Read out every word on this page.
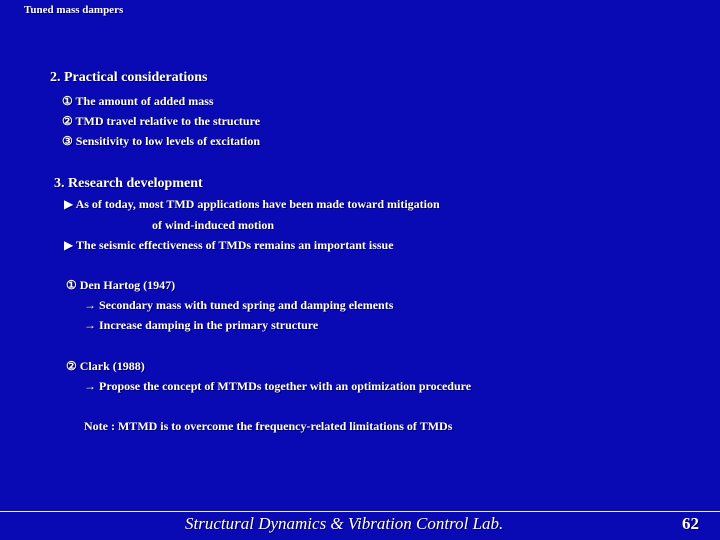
Tuned mass dampers
2. Practical considerations
① The amount of added mass
② TMD travel relative to the structure
③ Sensitivity to low levels of excitation
3. Research development
▶ As of today, most TMD applications have been made toward mitigation
of wind-induced motion
▶ The seismic effectiveness of TMDs remains an important issue
① Den Hartog (1947)
→ Secondary mass with tuned spring and damping elements
→ Increase damping in the primary structure
② Clark (1988)
→ Propose the concept of MTMDs together with an optimization procedure
Note : MTMD is to overcome the frequency-related limitations of TMDs
Structural Dynamics & Vibration Control Lab.	62
